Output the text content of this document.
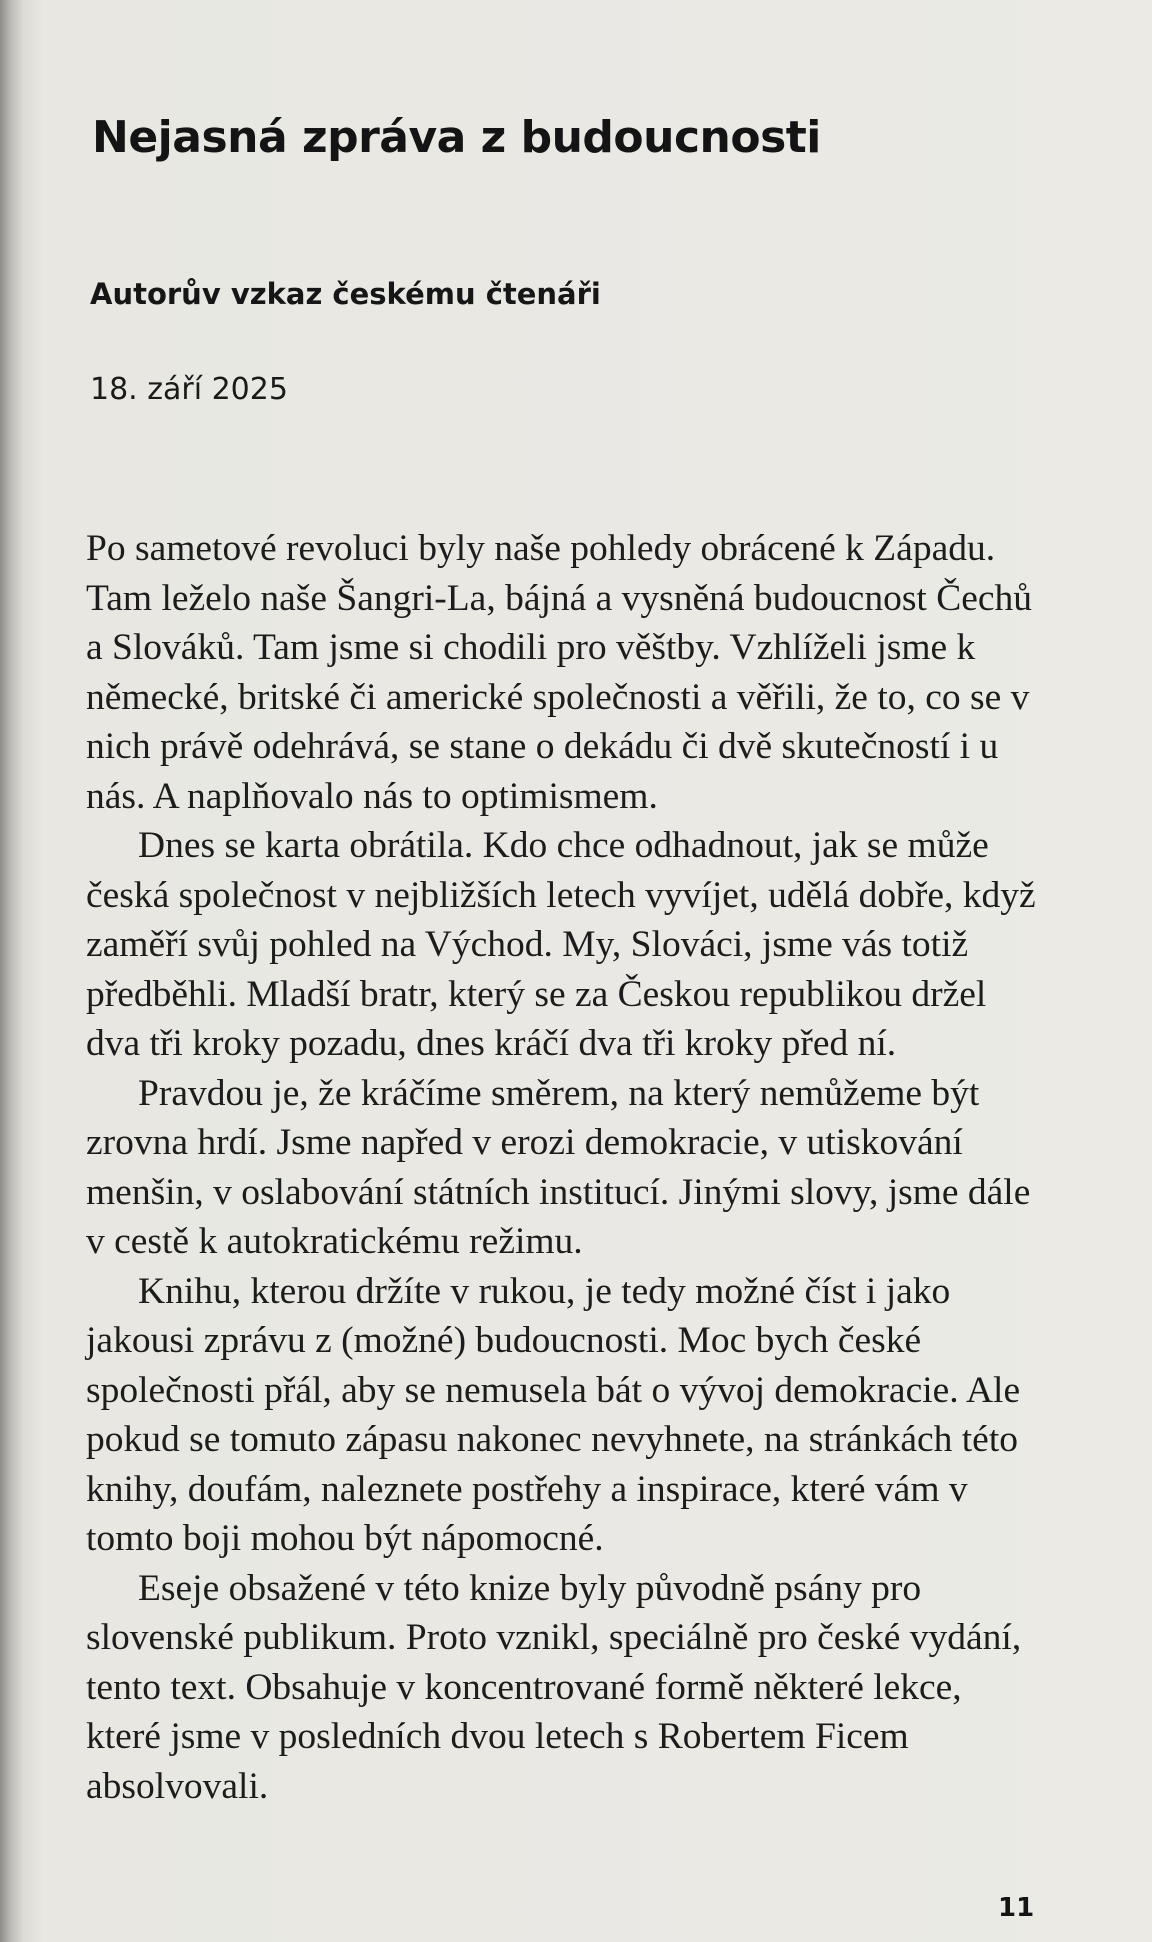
Nejasná zpráva z budoucnosti
Autorův vzkaz českému čtenáři
18. září 2025

Po sametové revoluci byly naše pohledy obrácené k Západu. Tam leželo naše Šangri-La, bájná a vysněná budoucnost Čechů a Slováků. Tam jsme si chodili pro věštby. Vzhlíželi jsme k německé, britské či americké společnosti a věřili, že to, co se v nich právě odehrává, se stane o dekádu či dvě skutečností i u nás. A naplňovalo nás to optimismem.

Dnes se karta obrátila. Kdo chce odhadnout, jak se může česká společnost v nejbližších letech vyvíjet, udělá dobře, když zaměří svůj pohled na Východ. My, Slováci, jsme vás totiž předběhli. Mladší bratr, který se za Českou republikou držel dva tři kroky pozadu, dnes kráčí dva tři kroky před ní.

Pravdou je, že kráčíme směrem, na který nemůžeme být zrovna hrdí. Jsme napřed v erozi demokracie, v utiskování menšin, v oslabování státních institucí. Jinými slovy, jsme dále v cestě k autokratickému režimu.

Knihu, kterou držíte v rukou, je tedy možné číst i jako jakousi zprávu z (možné) budoucnosti. Moc bych české společnosti přál, aby se nemusela bát o vývoj demokracie. Ale pokud se tomuto zápasu nakonec nevyhnete, na stránkách této knihy, doufám, naleznete postřehy a inspirace, které vám v tomto boji mohou být nápomocné.

Eseje obsažené v této knize byly původně psány pro slovenské publikum. Proto vznikl, speciálně pro české vydání, tento text. Obsahuje v koncentrované formě některé lekce, které jsme v posledních dvou letech s Robertem Ficem absolvovali.

11
